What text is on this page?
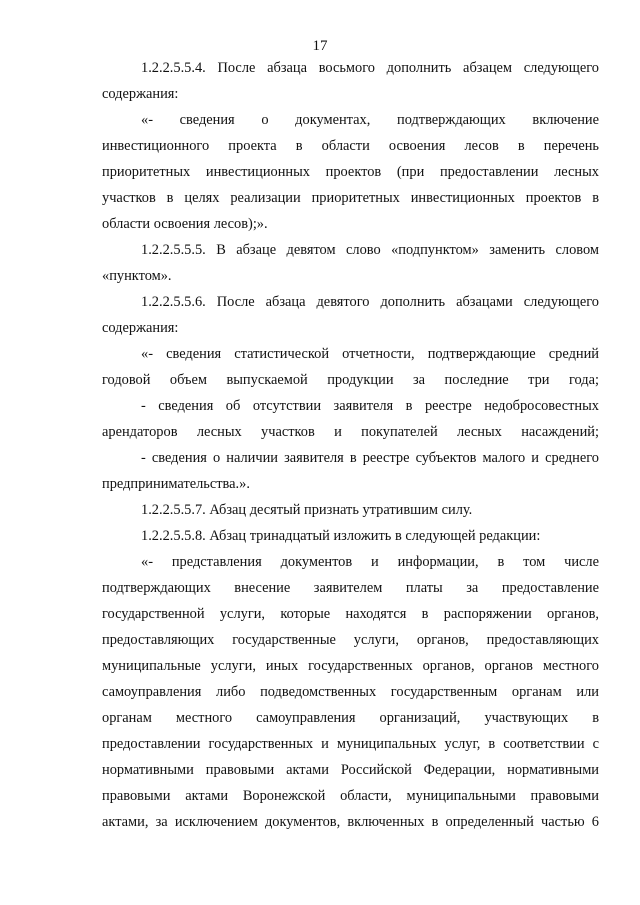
17
1.2.2.5.5.4. После абзаца восьмого дополнить абзацем следующего
содержания:
«- сведения о документах, подтверждающих включение
инвестиционного проекта в области освоения лесов в перечень
приоритетных инвестиционных проектов (при предоставлении лесных
участков в целях реализации приоритетных инвестиционных проектов в
области освоения лесов);».
1.2.2.5.5.5. В абзаце девятом слово «подпунктом» заменить словом
«пунктом».
1.2.2.5.5.6. После абзаца девятого дополнить абзацами следующего
содержания:
«- сведения статистической отчетности, подтверждающие средний
годовой объем выпускаемой продукции за последние три года;
- сведения об отсутствии заявителя в реестре недобросовестных
арендаторов лесных участков и покупателей лесных насаждений;
- сведения о наличии заявителя в реестре субъектов малого и среднего
предпринимательства.».
1.2.2.5.5.7. Абзац десятый признать утратившим силу.
1.2.2.5.5.8. Абзац тринадцатый изложить в следующей редакции:
«- представления документов и информации, в том числе
подтверждающих внесение заявителем платы за предоставление
государственной услуги, которые находятся в распоряжении органов,
предоставляющих государственные услуги, органов, предоставляющих
муниципальные услуги, иных государственных органов, органов местного
самоуправления либо подведомственных государственным органам или
органам местного самоуправления организаций, участвующих в
предоставлении государственных и муниципальных услуг, в соответствии с
нормативными правовыми актами Российской Федерации, нормативными
правовыми актами Воронежской области, муниципальными правовыми
актами, за исключением документов, включенных в определенный частью 6
